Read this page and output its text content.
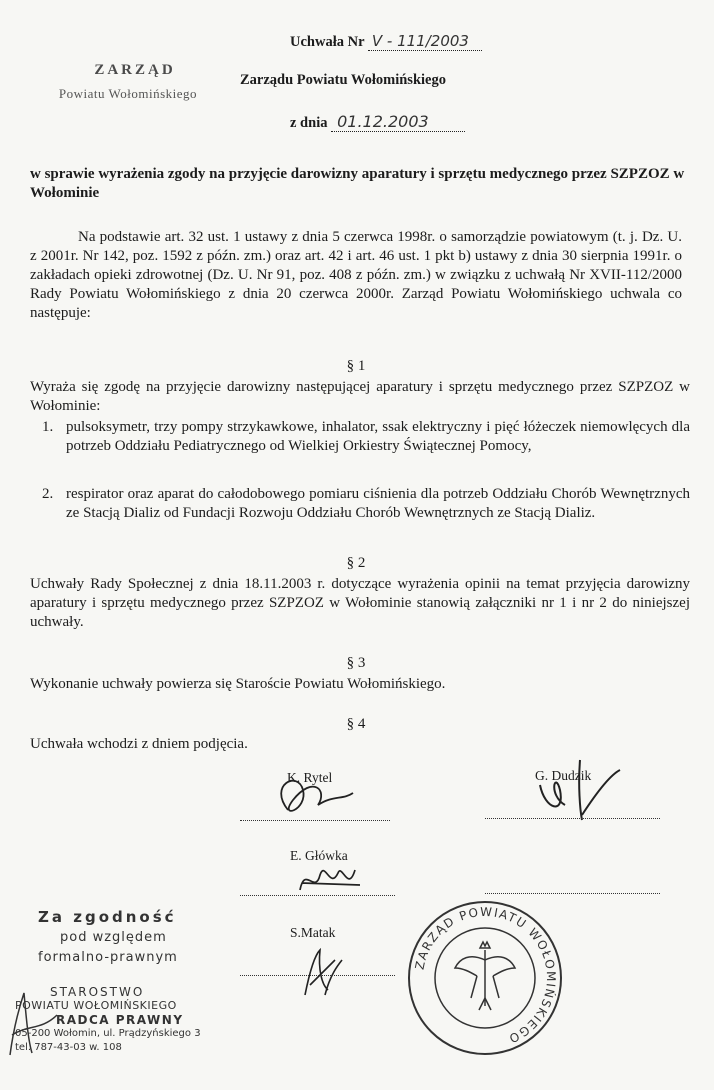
ZARZĄD
Powiatu Wołomińskiego
Uchwała Nr V - 111/2003
Zarządu Powiatu Wołomińskiego
z dnia 01.12.2003
w sprawie wyrażenia zgody na przyjęcie darowizny aparatury i sprzętu medycznego przez SZPZOZ w Wołominie
Na podstawie art. 32 ust. 1 ustawy z dnia 5 czerwca 1998r. o samorządzie powiatowym (t. j. Dz. U. z 2001r. Nr 142, poz. 1592 z późn. zm.) oraz art. 42 i art. 46 ust. 1 pkt b) ustawy z dnia 30 sierpnia 1991r. o zakładach opieki zdrowotnej (Dz. U. Nr 91, poz. 408 z późn. zm.) w związku z uchwałą Nr XVII-112/2000 Rady Powiatu Wołomińskiego z dnia 20 czerwca 2000r. Zarząd Powiatu Wołomińskiego uchwala co następuje:
§ 1
Wyraża się zgodę na przyjęcie darowizny następującej aparatury i sprzętu medycznego przez SZPZOZ w Wołominie:
1. pulsoksymetr, trzy pompy strzykawkowe, inhalator, ssak elektryczny i pięć łóżeczek niemowlęcych dla potrzeb Oddziału Pediatrycznego od Wielkiej Orkiestry Świątecznej Pomocy,
2. respirator oraz aparat do całodobowego pomiaru ciśnienia dla potrzeb Oddziału Chorób Wewnętrznych ze Stacją Dializ od Fundacji Rozwoju Oddziału Chorób Wewnętrznych ze Stacją Dializ.
§ 2
Uchwały Rady Społecznej z dnia 18.11.2003 r. dotyczące wyrażenia opinii na temat przyjęcia darowizny aparatury i sprzętu medycznego przez SZPZOZ w Wołominie stanowią załączniki nr 1 i nr 2 do niniejszej uchwały.
§ 3
Wykonanie uchwały powierza się Staroście Powiatu Wołomińskiego.
§ 4
Uchwała wchodzi z dniem podjęcia.
K. Rytel	G. Dudzik
E. Główka
S.Matak
Za zgodność
pod względem
formalno-prawnym
STAROSTWO
POWIATU WOŁOMIŃSKIEGO
RADCA PRAWNY
05-200 Wołomin, ul. Prądzyńskiego 3
tel. 787-43-03 w. 108
ZARZĄD POWIATU WOŁOMIŃSKIEGO
